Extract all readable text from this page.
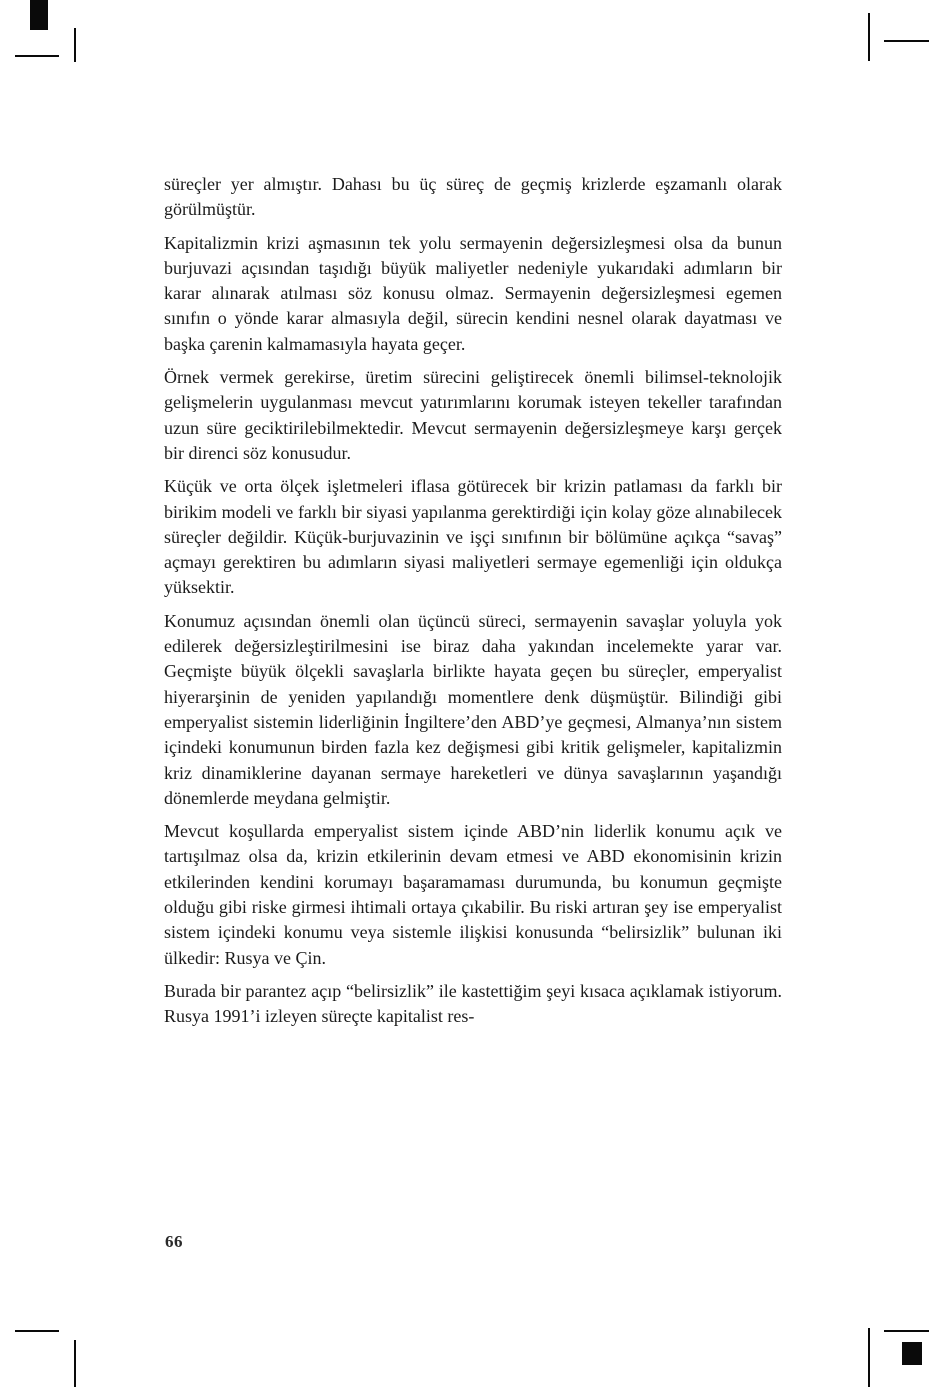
süreçler yer almıştır. Dahası bu üç süreç de geçmiş krizlerde eşzamanlı olarak görülmüştür.

Kapitalizmin krizi aşmasının tek yolu sermayenin değersizleşmesi olsa da bunun burjuvazi açısından taşıdığı büyük maliyetler nedeniyle yukarıdaki adımların bir karar alınarak atılması söz konusu olmaz. Sermayenin değersizleşmesi egemen sınıfın o yönde karar almasıyla değil, sürecin kendini nesnel olarak dayatması ve başka çarenin kalmamasıyla hayata geçer.

Örnek vermek gerekirse, üretim sürecini geliştirecek önemli bilimsel-teknolojik gelişmelerin uygulanması mevcut yatırımlarını korumak isteyen tekeller tarafından uzun süre geciktirilebilmektedir. Mevcut sermayenin değersizleşmeye karşı gerçek bir direnci söz konusudur.

Küçük ve orta ölçek işletmeleri iflasa götürecek bir krizin patlaması da farklı bir birikim modeli ve farklı bir siyasi yapılanma gerektirdiği için kolay göze alınabilecek süreçler değildir. Küçük-burjuvazinin ve işçi sınıfının bir bölümüne açıkça “savaş” açmayı gerektiren bu adımların siyasi maliyetleri sermaye egemenliği için oldukça yüksektir.

Konumuz açısından önemli olan üçüncü süreci, sermayenin savaşlar yoluyla yok edilerek değersizleştirilmesini ise biraz daha yakından incelemekte yarar var. Geçmişte büyük ölçekli savaşlarla birlikte hayata geçen bu süreçler, emperyalist hiyerarşinin de yeniden yapılandığı momentlere denk düşmüştür. Bilindiği gibi emperyalist sistemin liderliğinin İngiltere’den ABD’ye geçmesi, Almanya’nın sistem içindeki konumunun birden fazla kez değişmesi gibi kritik gelişmeler, kapitalizmin kriz dinamiklerine dayanan sermaye hareketleri ve dünya savaşlarının yaşandığı dönemlerde meydana gelmiştir.

Mevcut koşullarda emperyalist sistem içinde ABD’nin liderlik konumu açık ve tartışılmaz olsa da, krizin etkilerinin devam etmesi ve ABD ekonomisinin krizin etkilerinden kendini korumayı başaramaması durumunda, bu konumun geçmişte olduğu gibi riske girmesi ihtimali ortaya çıkabilir. Bu riski artıran şey ise emperyalist sistem içindeki konumu veya sistemle ilişkisi konusunda “belirsizlik” bulunan iki ülkedir: Rusya ve Çin.

Burada bir parantez açıp “belirsizlik” ile kastettiğim şeyi kısaca açıklamak istiyorum. Rusya 1991’i izleyen süreçte kapitalist res-

66
